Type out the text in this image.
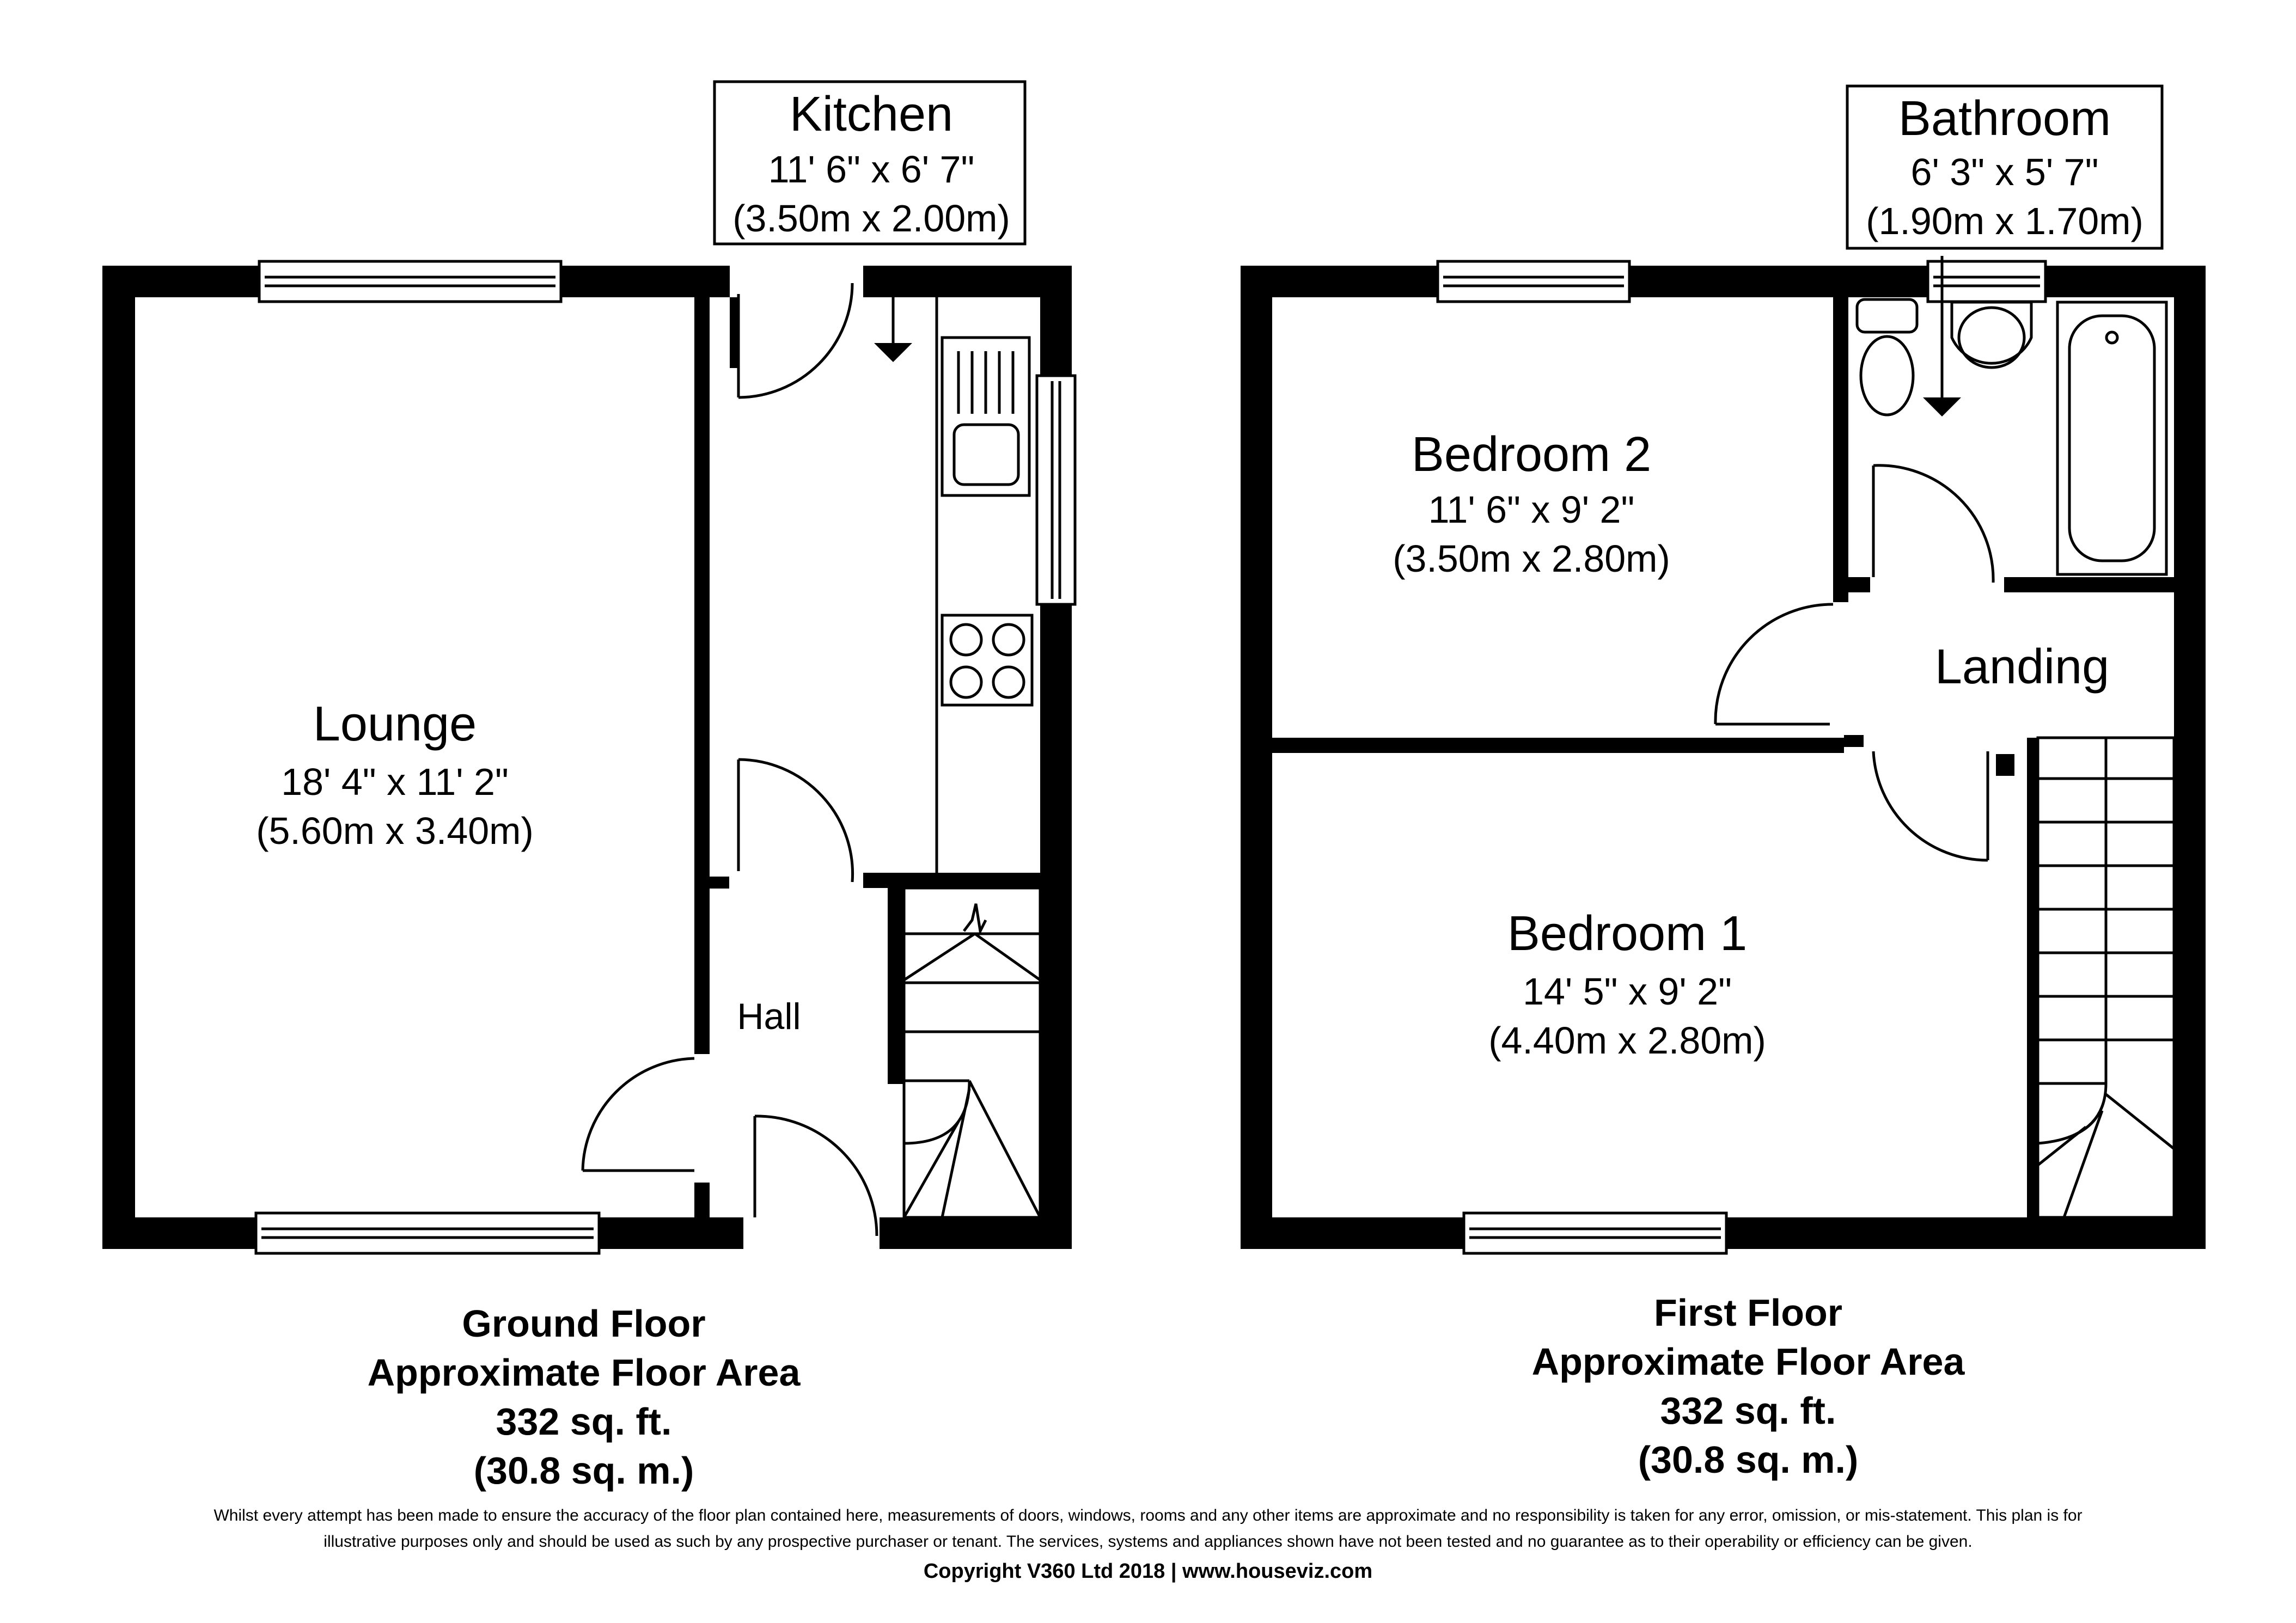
Kitchen
11' 6" x 6' 7"
(3.50m x 2.00m)
Lounge
18' 4" x 11' 2"
(5.60m x 3.40m)
Hall
Ground Floor
Approximate Floor Area
332 sq. ft.
(30.8 sq. m.)
Bathroom
6' 3" x 5' 7"
(1.90m x 1.70m)
Bedroom 2
11' 6" x 9' 2"
(3.50m x 2.80m)
Landing
Bedroom 1
14' 5" x 9' 2"
(4.40m x 2.80m)
First Floor
Approximate Floor Area
332 sq. ft.
(30.8 sq. m.)
Whilst every attempt has been made to ensure the accuracy of the floor plan contained here, measurements of doors, windows, rooms and any other items are approximate and no responsibility is taken for any error, omission, or mis-statement. This plan is for
illustrative purposes only and should be used as such by any prospective purchaser or tenant. The services, systems and appliances shown have not been tested and no guarantee as to their operability or efficiency can be given.
Copyright V360 Ltd 2018 | www.houseviz.com
